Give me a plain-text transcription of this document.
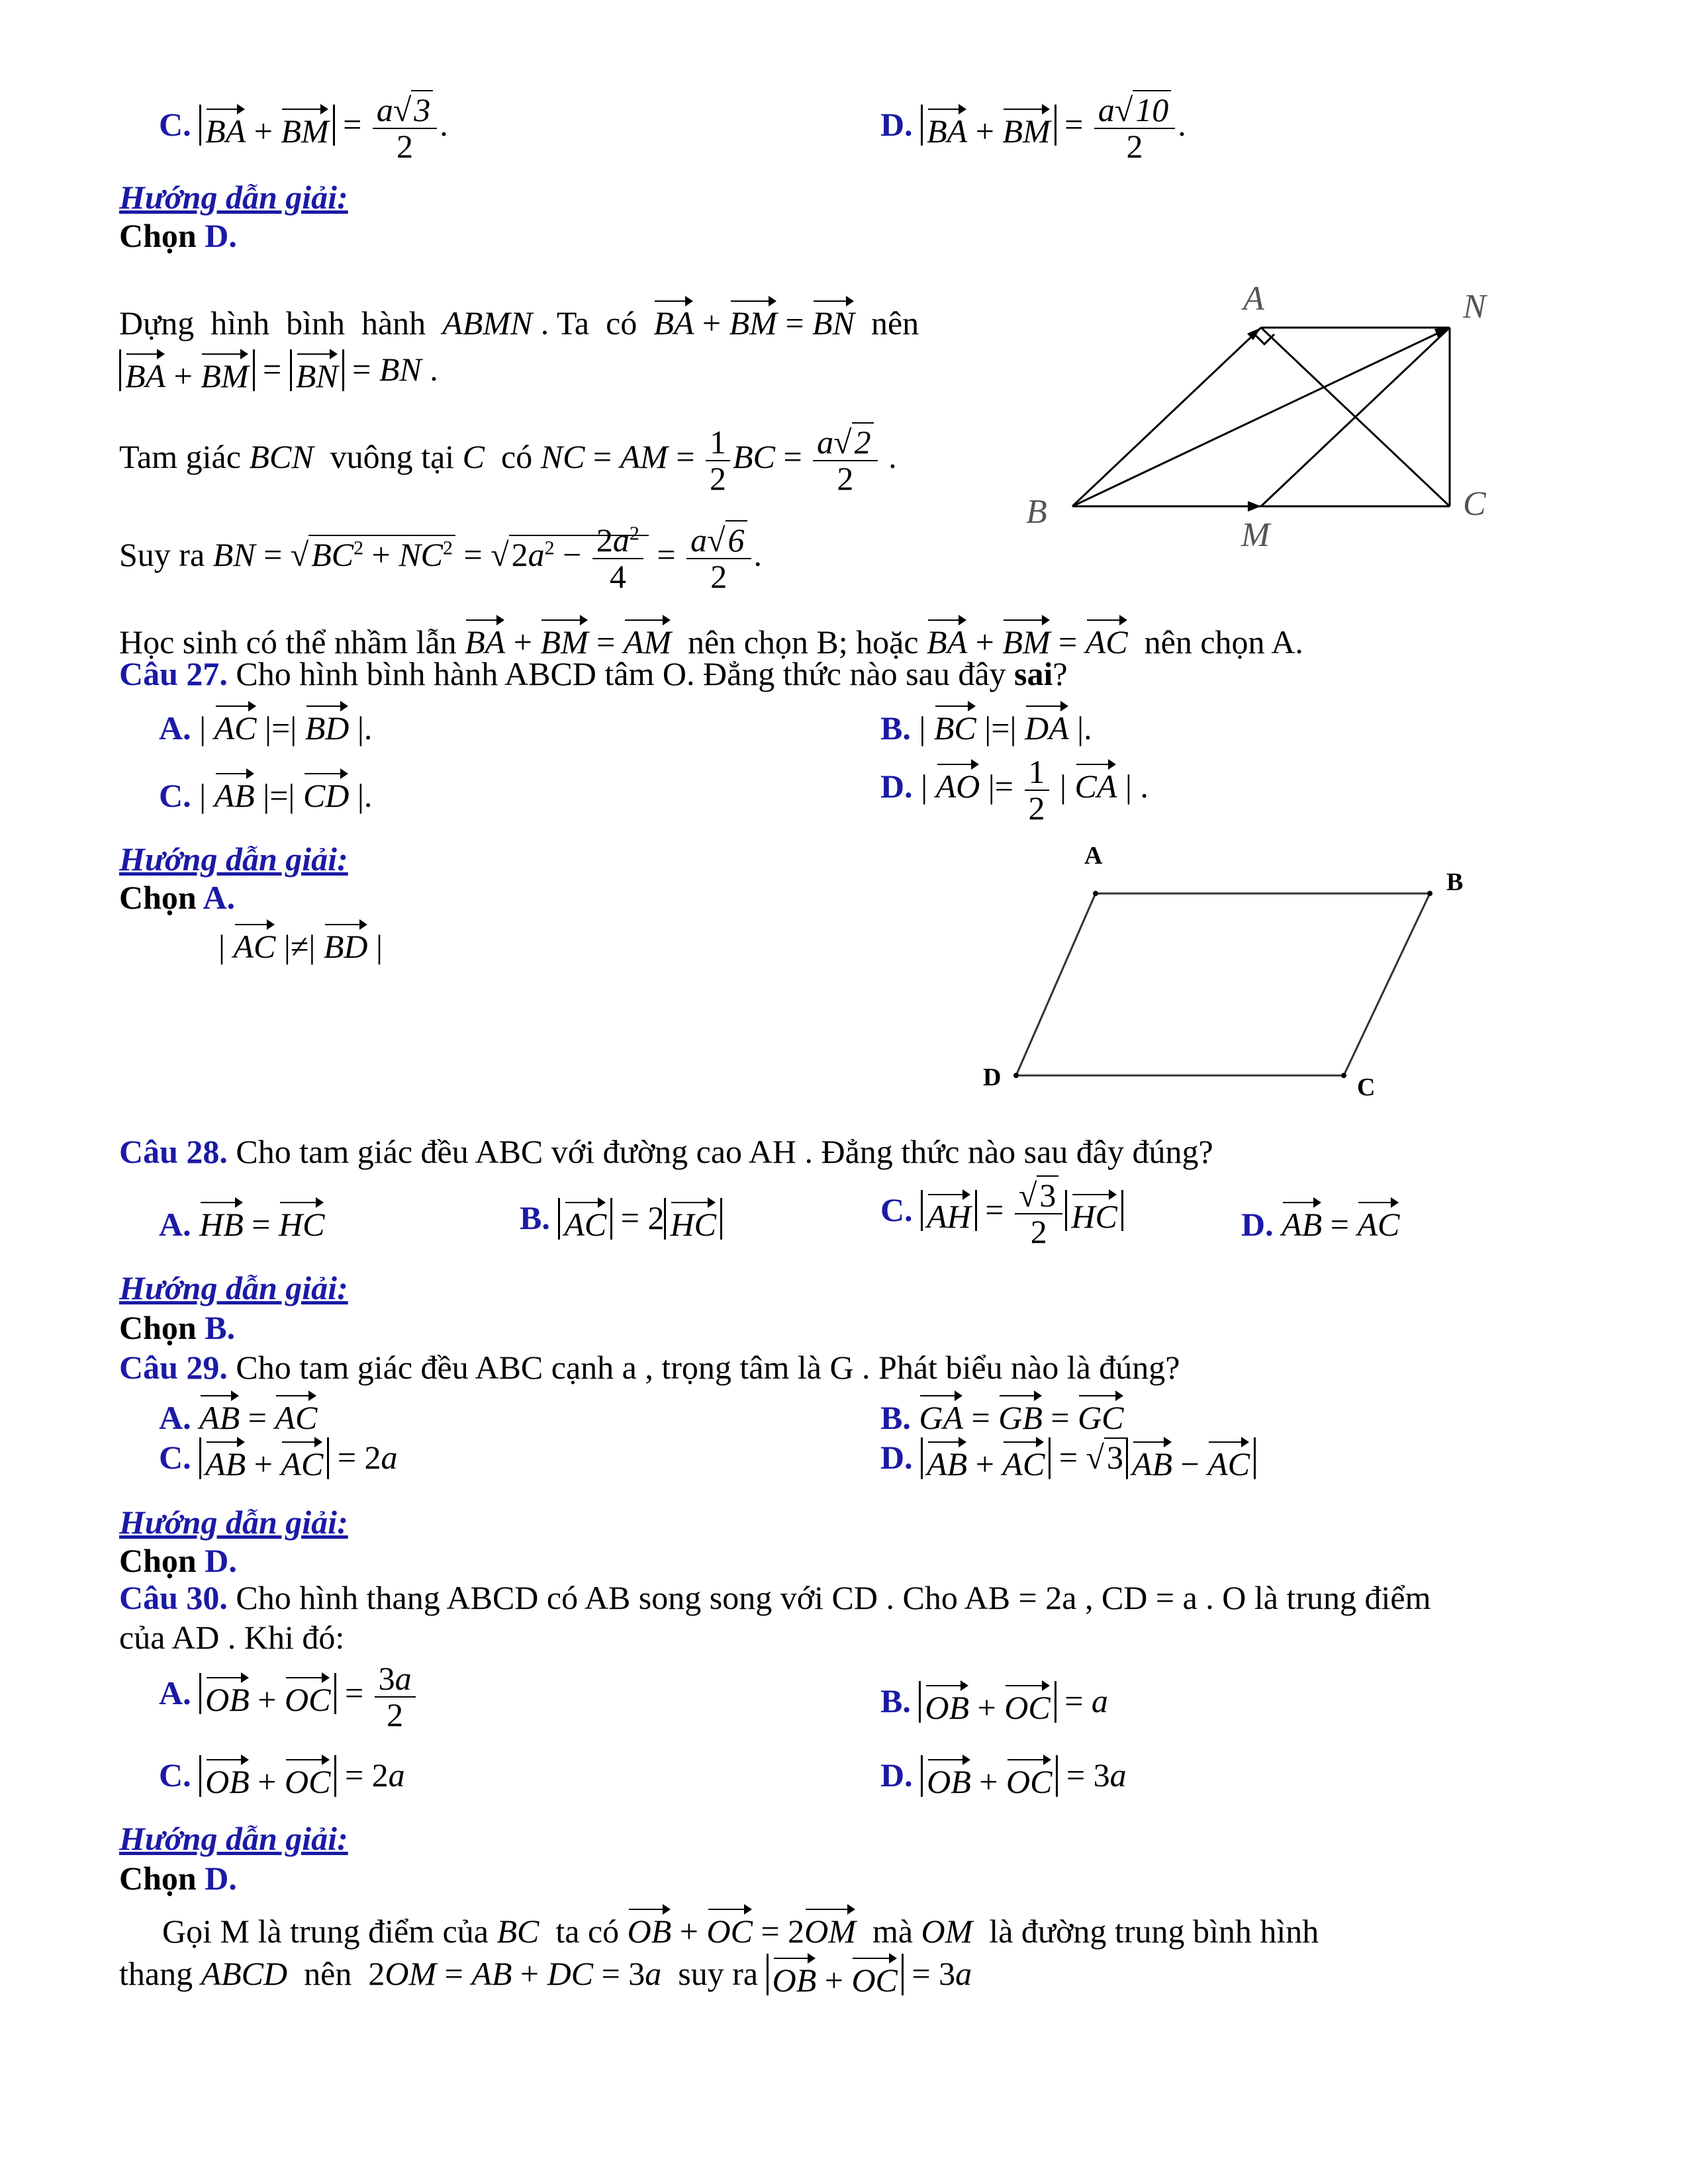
C. BA + BM = $\frac{a√3}{2}$ .	D. BA + BM = $\frac{a√10}{2}$ .
Hướng dẫn giải:
Chọn D.
Dựng  hình  bình  hành  ABMN . Ta  có  BA + BM = BN  nên
BA + BM = BN = BN .
Tam giác BCN  vuông tại C  có NC = AM = $\frac{1}{2}$ BC = $\frac{a√2}{2}$ .
Suy ra BN = $√BC^2 + NC^2 = √2a^2 - \frac{2a^2}{4} = \frac{a√6}{2}$ .
Học sinh có thể nhầm lẫn BA + BM = AM  nên chọn B; hoặc BA + BM = AC  nên chọn A.
A	N
B	C
M
Câu 27. Cho hình bình hành ABCD tâm O. Đẳng thức nào sau đây sai?
A. | AC |=| BD |.	B. | BC |=| DA |.
C. | AB |=| CD |.	D. | AO |= $\frac{1}{2}$ | CA | .
Hướng dẫn giải:
Chọn A.
| AC |≠| BD |
A
B
C
D
Câu 28. Cho tam giác đều ABC với đường cao AH . Đẳng thức nào sau đây đúng?
A. HB = HC	B. AC = 2 HC	C. AH = $\frac{√3}{2}$ HC	D. AB = AC
Hướng dẫn giải:
Chọn B.
Câu 29. Cho tam giác đều ABC cạnh a , trọng tâm là G . Phát biểu nào là đúng?
A. AB = AC	B. GA = GB = GC
C. AB + AC = 2a	D. AB + AC = √3 AB − AC
Hướng dẫn giải:
Chọn D.
Câu 30. Cho hình thang ABCD có AB song song với CD . Cho AB = 2a , CD = a . O là trung điểm
của AD . Khi đó:
A. OB + OC = $\frac{3a}{2}$	B. OB + OC = a
C. OB + OC = 2a	D. OB + OC = 3a
Hướng dẫn giải:
Chọn D.
Gọi M là trung điểm của BC  ta có OB + OC = 2OM  mà OM  là đường trung bình hình
thang ABCD  nên  2OM = AB + DC = 3a  suy ra OB + OC = 3a
